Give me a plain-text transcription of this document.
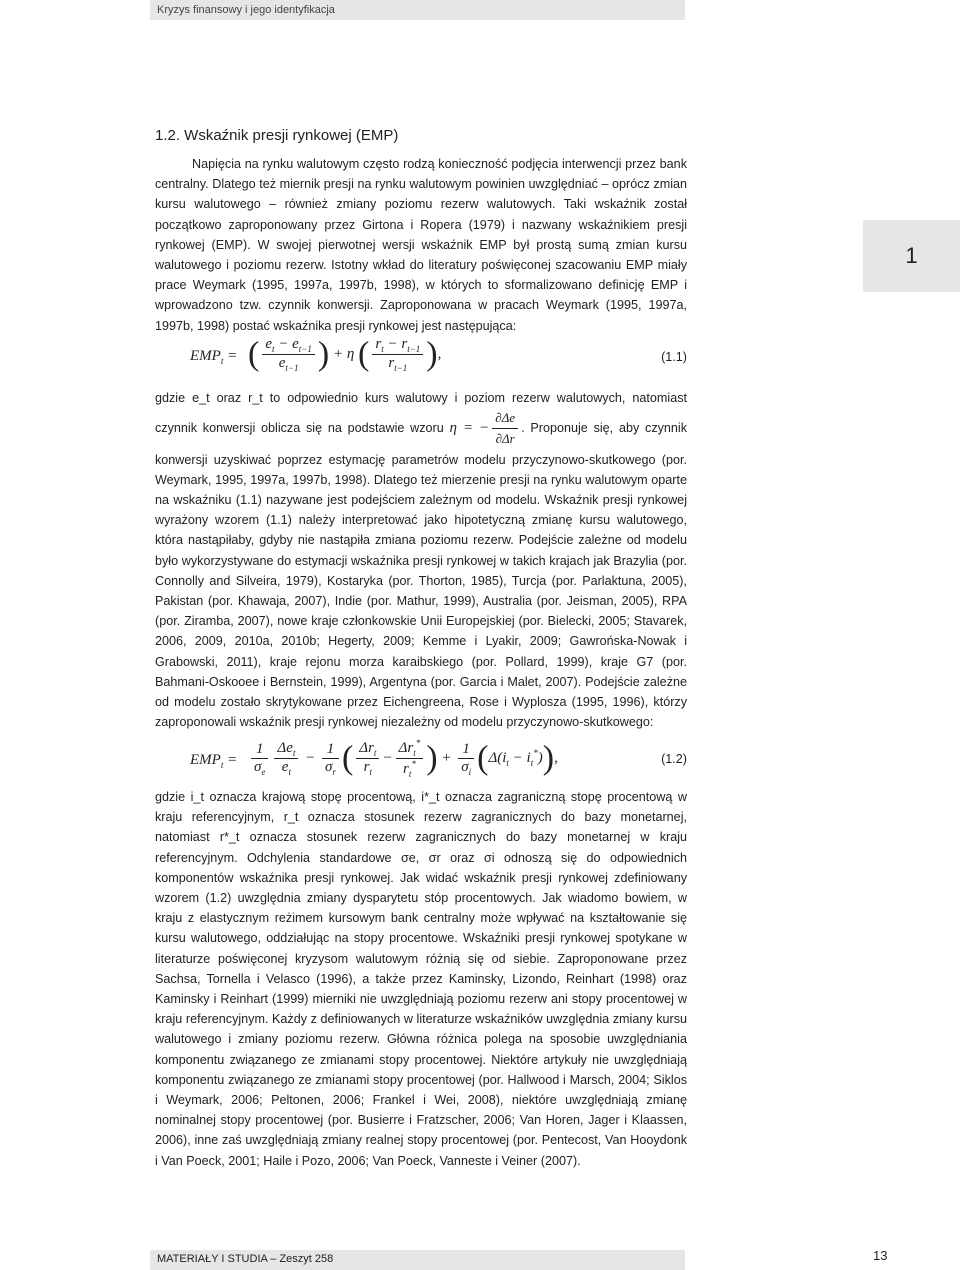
Kryzys finansowy i jego identyfikacja
1
1.2. Wskaźnik presji rynkowej (EMP)

Napięcia na rynku walutowym często rodzą konieczność podjęcia interwencji przez bank centralny. Dlatego też miernik presji na rynku walutowym powinien uwzględniać – oprócz zmian kursu walutowego – również zmiany poziomu rezerw walutowych. Taki wskaźnik został początkowo zaproponowany przez Girtona i Ropera (1979) i nazwany wskaźnikiem presji rynkowej (EMP). W swojej pierwotnej wersji wskaźnik EMP był prostą sumą zmian kursu walutowego i poziomu rezerw. Istotny wkład do literatury poświęconej szacowaniu EMP miały prace Weymark (1995, 1997a, 1997b, 1998), w których to sformalizowano definicję EMP i wprowadzono tzw. czynnik konwersji. Zaproponowana w pracach Weymark (1995, 1997a, 1997b, 1998) postać wskaźnika presji rynkowej jest następująca:

$EMP_t$ = ( $\frac{e_t - e_{t-1}}{e_{t-1}}$ ) + η ( $\frac{r_t - r_{t-1}}{r_{t-1}}$ ),	(1.1)

gdzie e_t oraz r_t to odpowiednio kurs walutowy i poziom rezerw walutowych, natomiast czynnik konwersji oblicza się na podstawie wzoru η = − $\frac{\partial\Delta e}{\partial\Delta r}$ . Proponuje się, aby czynnik konwersji uzyskiwać poprzez estymację parametrów modelu przyczynowo-skutkowego (por. Weymark, 1995, 1997a, 1997b, 1998). Dlatego też mierzenie presji na rynku walutowym oparte na wskaźniku (1.1) nazywane jest podejściem zależnym od modelu. Wskaźnik presji rynkowej wyrażony wzorem (1.1) należy interpretować jako hipotetyczną zmianę kursu walutowego, która nastąpiłaby, gdyby nie nastąpiła zmiana poziomu rezerw. Podejście zależne od modelu było wykorzystywane do estymacji wskaźnika presji rynkowej w takich krajach jak Brazylia (por. Connolly and Silveira, 1979), Kostaryka (por. Thorton, 1985), Turcja (por. Parlaktuna, 2005), Pakistan (por. Khawaja, 2007), Indie (por. Mathur, 1999), Australia (por. Jeisman, 2005), RPA (por. Ziramba, 2007), nowe kraje członkowskie Unii Europejskiej (por. Bielecki, 2005; Stavarek, 2006, 2009, 2010a, 2010b; Hegerty, 2009; Kemme i Lyakir, 2009; Gawrońska-Nowak i Grabowski, 2011), kraje rejonu morza karaibskiego (por. Pollard, 1999), kraje G7 (por. Bahmani-Oskooee i Bernstein, 1999), Argentyna (por. Garcia i Malet, 2007). Podejście zależne od modelu zostało skrytykowane przez Eichengreena, Rose i Wyplosza (1995, 1996), którzy zaproponowali wskaźnik presji rynkowej niezależny od modelu przyczynowo-skutkowego:

$EMP_t = \frac{1}{\sigma_e} \frac{\Delta e_t}{e_t} - \frac{1}{\sigma_r}$ ( $\frac{\Delta r_t}{r_t} - \frac{\Delta r_t^*}{r_t^*}$ ) + $\frac{1}{\sigma_i} (\Delta(i_t - i_t^*))$,	(1.2)

gdzie i_t oznacza krajową stopę procentową, i*_t oznacza zagraniczną stopę procentową w kraju referencyjnym, r_t oznacza stosunek rezerw zagranicznych do bazy monetarnej, natomiast r*_t oznacza stosunek rezerw zagranicznych do bazy monetarnej w kraju referencyjnym. Odchylenia standardowe σe, σr oraz σi odnoszą się do odpowiednich komponentów wskaźnika presji rynkowej. Jak widać wskaźnik presji rynkowej zdefiniowany wzorem (1.2) uwzględnia zmiany dysparytetu stóp procentowych. Jak wiadomo bowiem, w kraju z elastycznym reżimem kursowym bank centralny może wpływać na kształtowanie się kursu walutowego, oddziałując na stopy procentowe. Wskaźniki presji rynkowej spotykane w literaturze poświęconej kryzysom walutowym różnią się od siebie. Zaproponowane przez Sachsa, Tornella i Velasco (1996), a także przez Kaminsky, Lizondo, Reinhart (1998) oraz Kaminsky i Reinhart (1999) mierniki nie uwzględniają poziomu rezerw ani stopy procentowej w kraju referencyjnym. Każdy z definiowanych w literaturze wskaźników uwzględnia zmiany kursu walutowego i zmiany poziomu rezerw. Główna różnica polega na sposobie uwzględniania komponentu związanego ze zmianami stopy procentowej. Niektóre artykuły nie uwzględniają komponentu związanego ze zmianami stopy procentowej (por. Hallwood i Marsch, 2004; Siklos i Weymark, 2006; Peltonen, 2006; Frankel i Wei, 2008), niektóre uwzględniają zmianę nominalnej stopy procentowej (por. Busierre i Fratzscher, 2006; Van Horen, Jager i Klaassen, 2006), inne zaś uwzględniają zmiany realnej stopy procentowej (por. Pentecost, Van Hooydonk i Van Poeck, 2001; Haile i Pozo, 2006; Van Poeck, Vanneste i Veiner (2007).

MATERIAŁY I STUDIA – Zeszyt 258	13
